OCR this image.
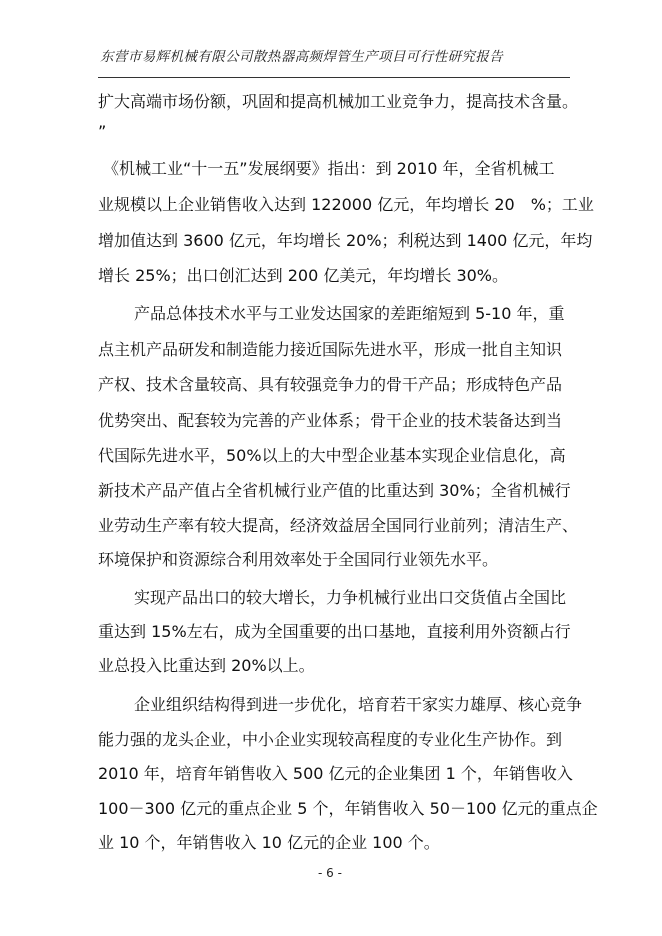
东营市易辉机械有限公司散热器高频焊管生产项目可行性研究报告
扩大高端市场份额，巩固和提高机械加工业竞争力，提高技术含量。
”
《机械工业“十一五”发展纲要》指出：到 2010 年，全省机械工
业规模以上企业销售收入达到 122000 亿元，年均增长 20　%；工业
增加值达到 3600 亿元，年均增长 20%；利税达到 1400 亿元，年均
增长 25%；出口创汇达到 200 亿美元，年均增长 30%。
产品总体技术水平与工业发达国家的差距缩短到 5-10 年，重
点主机产品研发和制造能力接近国际先进水平，形成一批自主知识
产权、技术含量较高、具有较强竞争力的骨干产品；形成特色产品
优势突出、配套较为完善的产业体系；骨干企业的技术装备达到当
代国际先进水平，50%以上的大中型企业基本实现企业信息化，高
新技术产品产值占全省机械行业产值的比重达到 30%；全省机械行
业劳动生产率有较大提高，经济效益居全国同行业前列；清洁生产、
环境保护和资源综合利用效率处于全国同行业领先水平。
实现产品出口的较大增长，力争机械行业出口交货值占全国比
重达到 15%左右，成为全国重要的出口基地，直接利用外资额占行
业总投入比重达到 20%以上。
企业组织结构得到进一步优化，培育若干家实力雄厚、核心竞争
能力强的龙头企业，中小企业实现较高程度的专业化生产协作。到
2010 年，培育年销售收入 500 亿元的企业集团 1 个，年销售收入
100－300 亿元的重点企业 5 个，年销售收入 50－100 亿元的重点企
业 10 个，年销售收入 10 亿元的企业 100 个。
- 6 -
